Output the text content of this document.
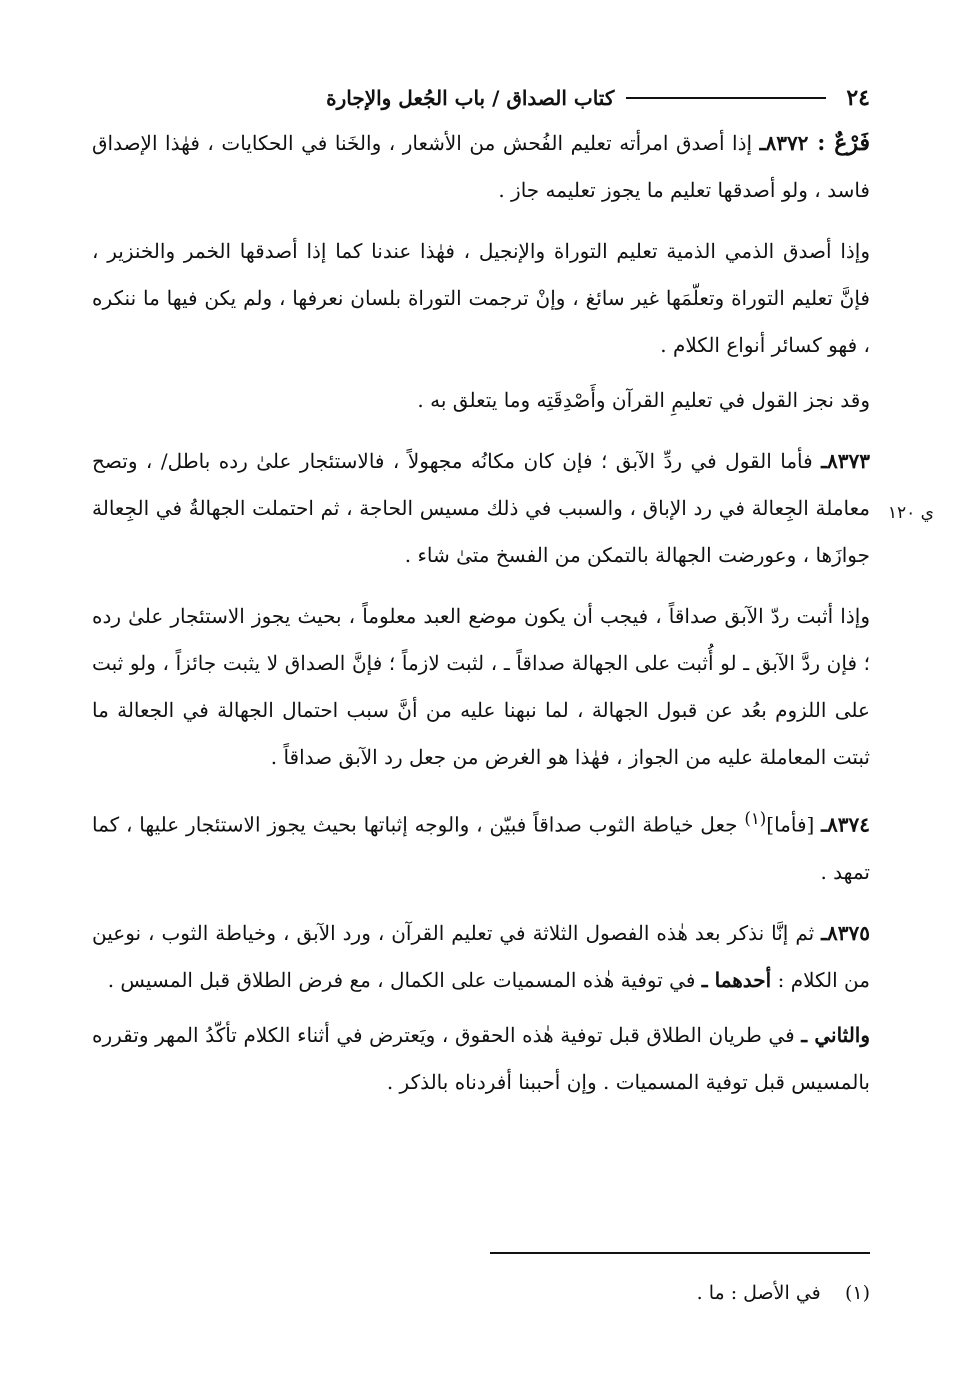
٢٤
كتاب الصداق / باب الجُعل والإجارة

فَرْعٌ : ٨٣٧٢ـ إذا أصدق امرأته تعليم الفُحش من الأشعار ، والخَنا في الحكايات ، فهٰذا الإصداق فاسد ، ولو أصدقها تعليم ما يجوز تعليمه جاز .

وإذا أصدق الذمي الذمية تعليم التوراة والإنجيل ، فهٰذا عندنا كما إذا أصدقها الخمر والخنزير ، فإنَّ تعليم التوراة وتعلّمَها غير سائغ ، وإنْ ترجمت التوراة بلسان نعرفها ، ولم يكن فيها ما ننكره ، فهو كسائر أنواع الكلام .

وقد نجز القول في تعليمِ القرآن وأَصْدِقَتِه وما يتعلق به .

ي ١٢٠
٨٣٧٣ـ فأما القول في ردِّ الآبق ؛ فإن كان مكانُه مجهولاً ، فالاستئجار علىٰ رده باطل/ ، وتصح معاملة الجِعالة في رد الإباق ، والسبب في ذلك مسيس الحاجة ، ثم احتملت الجهالةُ في الجِعالة جوازَها ، وعورضت الجهالة بالتمكن من الفسخ متىٰ شاء .

وإذا أثبت ردّ الآبق صداقاً ، فيجب أن يكون موضع العبد معلوماً ، بحيث يجوز الاستئجار علىٰ رده ؛ فإن ردَّ الآبق ـ لو أُثبت على الجهالة صداقاً ـ ، لثبت لازماً ؛ فإنَّ الصداق لا يثبت جائزاً ، ولو ثبت على اللزوم بعُد عن قبول الجهالة ، لما نبهنا عليه من أنَّ سبب احتمال الجهالة في الجعالة ما ثبتت المعاملة عليه من الجواز ، فهٰذا هو الغرض من جعل رد الآبق صداقاً .

٨٣٧٤ـ [فأما]$^{(١)}$ جعل خياطة الثوب صداقاً فبيّن ، والوجه إثباتها بحيث يجوز الاستئجار عليها ، كما تمهد .

٨٣٧٥ـ ثم إنَّا نذكر بعد هٰذه الفصول الثلاثة في تعليم القرآن ، ورد الآبق ، وخياطة الثوب ، نوعين من الكلام : أحدهما ـ في توفية هٰذه المسميات على الكمال ، مع فرض الطلاق قبل المسيس .

والثاني ـ في طريان الطلاق قبل توفية هٰذه الحقوق ، ويَعترض في أثناء الكلام تأكّدُ المهر وتقرره بالمسيس قبل توفية المسميات . وإن أحببنا أفردناه بالذكر .

(١)    في الأصل : ما .
